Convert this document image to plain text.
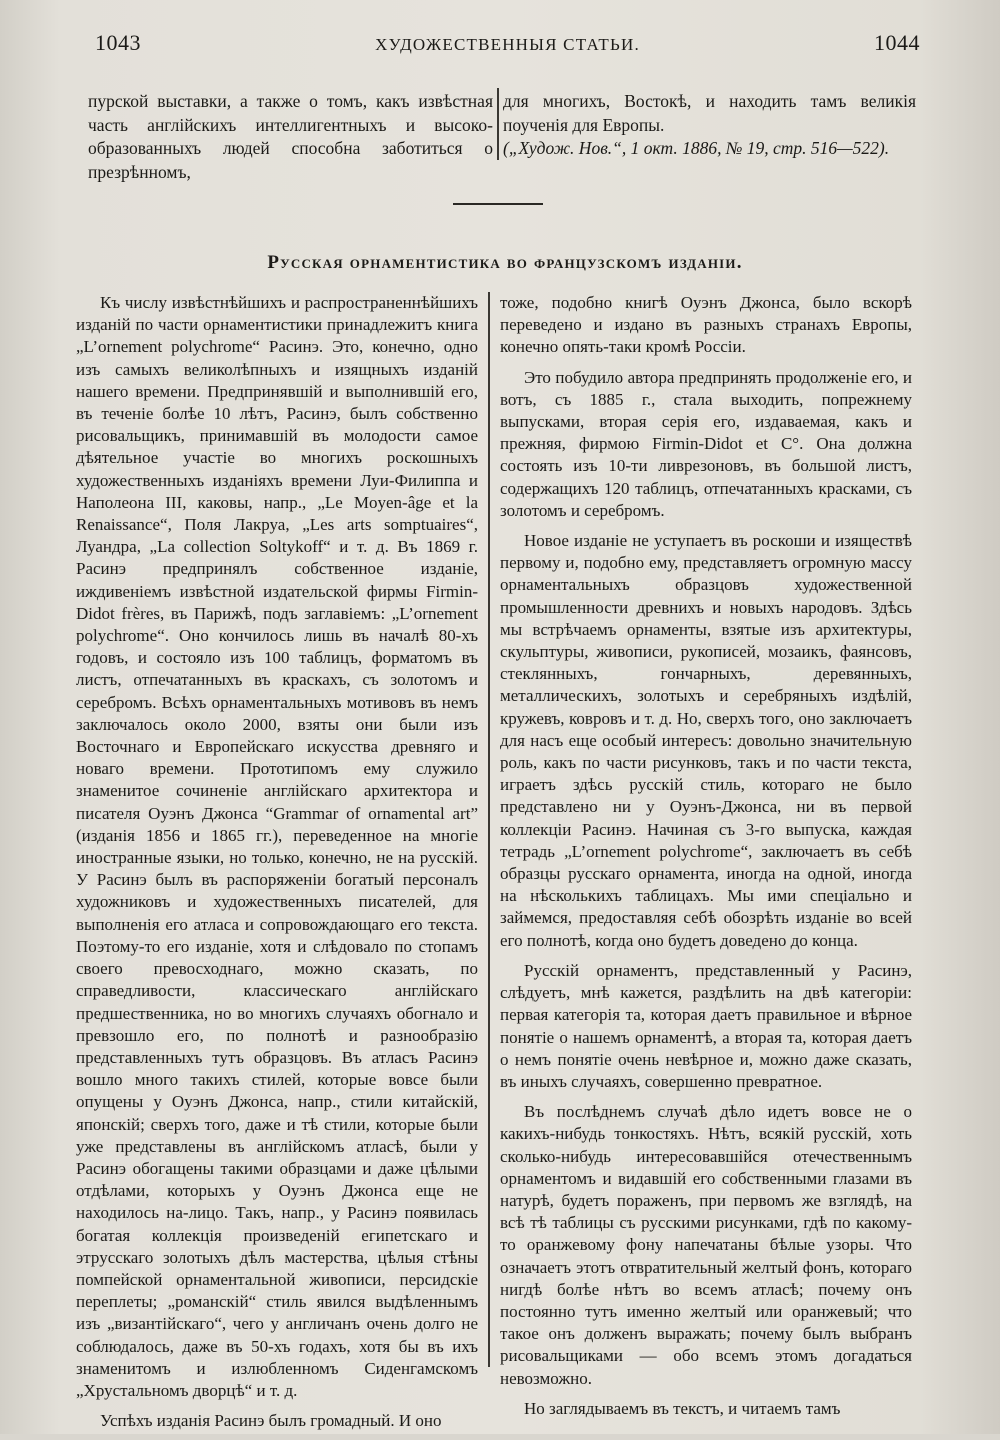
1043	ХУДОЖЕСТВЕННЫЯ СТАТЬИ.	1044

пурской выставки, а также о томъ, какъ извѣстная часть англійскихъ интеллигентныхъ и высоко-образованныхъ людей способна заботиться о презрѣнномъ,

для многихъ, Востокѣ, и находить тамъ великія поученія для Европы.

(„Худож. Нов.“, 1 окт. 1886, № 19, стр. 516—522).

Русская орнаментистика во французскомъ изданіи.

Къ числу извѣстнѣйшихъ и распространеннѣйшихъ изданій по части орнаментистики принадлежитъ книга „L’ornement polychrome“ Расинэ. Это, конечно, одно изъ самыхъ великолѣпныхъ и изящныхъ изданій нашего времени. Предпринявшій и выполнившій его, въ теченіе болѣе 10 лѣтъ, Расинэ, былъ собственно рисовальщикъ, принимавшій въ молодости самое дѣятельное участіе во многихъ роскошныхъ художественныхъ изданіяхъ времени Луи-Филиппа и Наполеона III, каковы, напр., „Le Moyen-âge et la Renaissance“, Поля Лакруа, „Les arts somptuaires“, Луандра, „La collection Soltykoff“ и т. д. Въ 1869 г. Расинэ предпринялъ собственное изданіе, иждивеніемъ извѣстной издательской фирмы Firmin-Didot frères, въ Парижѣ, подъ заглавіемъ: „L’ornement polychrome“. Оно кончилось лишь въ началѣ 80-хъ годовъ, и состояло изъ 100 таблицъ, форматомъ въ листъ, отпечатанныхъ въ краскахъ, съ золотомъ и серебромъ. Всѣхъ орнаментальныхъ мотивовъ въ немъ заключалось около 2000, взяты они были изъ Восточнаго и Европейскаго искусства древняго и новаго времени. Прототипомъ ему служило знаменитое сочиненіе англійскаго архитектора и писателя Оуэнъ Джонса “Grammar of ornamental art” (изданія 1856 и 1865 гг.), переведенное на многіе иностранные языки, но только, конечно, не на русскій. У Расинэ былъ въ распоряженіи богатый персоналъ художниковъ и художественныхъ писателей, для выполненія его атласа и сопровождающаго его текста. Поэтому-то его изданіе, хотя и слѣдовало по стопамъ своего превосходнаго, можно сказать, по справедливости, классическаго англійскаго предшественника, но во многихъ случаяхъ обогнало и превзошло его, по полнотѣ и разнообразію представленныхъ тутъ образцовъ. Въ атласъ Расинэ вошло много такихъ стилей, которые вовсе были опущены у Оуэнъ Джонса, напр., стили китайскій, японскій; сверхъ того, даже и тѣ стили, которые были уже представлены въ англійскомъ атласѣ, были у Расинэ обогащены такими образцами и даже цѣлыми отдѣлами, которыхъ у Оуэнъ Джонса еще не находилось на-лицо. Такъ, напр., у Расинэ появилась богатая коллекція произведеній египетскаго и этрусскаго золотыхъ дѣлъ мастерства, цѣлыя стѣны помпейской орнаментальной живописи, персидскіе переплеты; „романскій“ стиль явился выдѣленнымъ изъ „византійскаго“, чего у англичанъ очень долго не соблюдалось, даже въ 50-хъ годахъ, хотя бы въ ихъ знаменитомъ и излюбленномъ Сиденгамскомъ „Хрустальномъ дворцѣ“ и т. д.

Успѣхъ изданія Расинэ былъ громадный. И оно

тоже, подобно книгѣ Оуэнъ Джонса, было вскорѣ переведено и издано въ разныхъ странахъ Европы, конечно опять-таки кромѣ Россіи.

Это побудило автора предпринять продолженіе его, и вотъ, съ 1885 г., стала выходить, попрежнему выпусками, вторая серія его, издаваемая, какъ и прежняя, фирмою Firmin-Didot et C°. Она должна состоять изъ 10-ти ливрезоновъ, въ большой листъ, содержащихъ 120 таблицъ, отпечатанныхъ красками, съ золотомъ и серебромъ.

Новое изданіе не уступаетъ въ роскоши и изяществѣ первому и, подобно ему, представляетъ огромную массу орнаментальныхъ образцовъ художественной промышленности древнихъ и новыхъ народовъ. Здѣсь мы встрѣчаемъ орнаменты, взятые изъ архитектуры, скульптуры, живописи, рукописей, мозаикъ, фаянсовъ, стеклянныхъ, гончарныхъ, деревянныхъ, металлическихъ, золотыхъ и серебряныхъ издѣлій, кружевъ, ковровъ и т. д. Но, сверхъ того, оно заключаетъ для насъ еще особый интересъ: довольно значительную роль, какъ по части рисунковъ, такъ и по части текста, играетъ здѣсь русскій стиль, котораго не было представлено ни у Оуэнъ-Джонса, ни въ первой коллекціи Расинэ. Начиная съ 3-го выпуска, каждая тетрадь „L’ornement polychrome“, заключаетъ въ себѣ образцы русскаго орнамента, иногда на одной, иногда на нѣсколькихъ таблицахъ. Мы ими спеціально и займемся, предоставляя себѣ обозрѣть изданіе во всей его полнотѣ, когда оно будетъ доведено до конца.

Русскій орнаментъ, представленный у Расинэ, слѣдуетъ, мнѣ кажется, раздѣлить на двѣ категоріи: первая категорія та, которая даетъ правильное и вѣрное понятіе о нашемъ орнаментѣ, а вторая та, которая даетъ о немъ понятіе очень невѣрное и, можно даже сказать, въ иныхъ случаяхъ, совершенно превратное.

Въ послѣднемъ случаѣ дѣло идетъ вовсе не о какихъ-нибудь тонкостяхъ. Нѣтъ, всякій русскій, хоть сколько-нибудь интересовавшійся отечественнымъ орнаментомъ и видавшій его собственными глазами въ натурѣ, будетъ пораженъ, при первомъ же взглядѣ, на всѣ тѣ таблицы съ русскими рисунками, гдѣ по какому-то оранжевому фону напечатаны бѣлые узоры. Что означаетъ этотъ отвратительный желтый фонъ, котораго нигдѣ болѣе нѣтъ во всемъ атласѣ; почему онъ постоянно тутъ именно желтый или оранжевый; что такое онъ долженъ выражать; почему былъ выбранъ рисовальщиками — обо всемъ этомъ догадаться невозможно.

Но заглядываемъ въ текстъ, и читаемъ тамъ
